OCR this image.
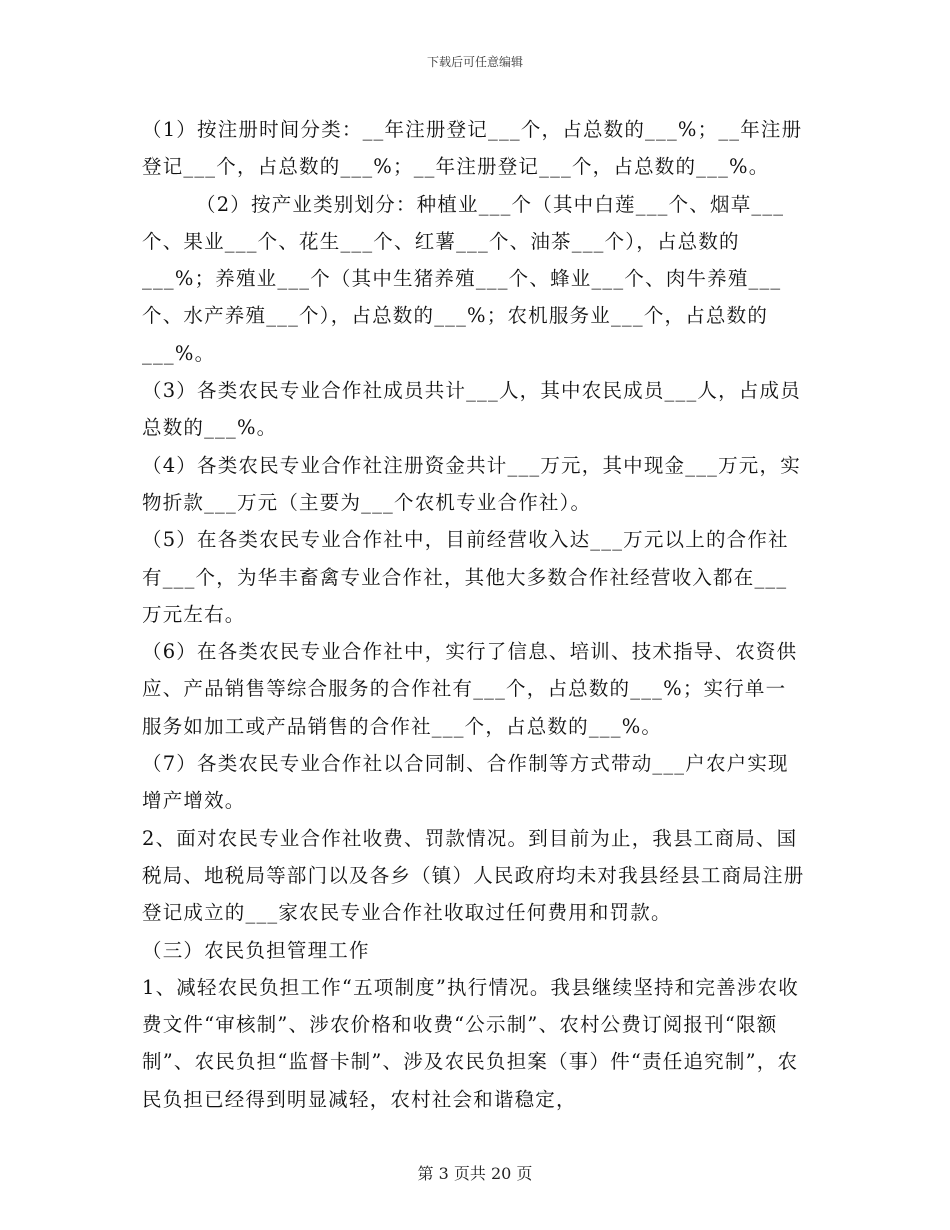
下载后可任意编辑

（1）按注册时间分类：__年注册登记___个，占总数的___%；__年注册登记___个，占总数的___%；__年注册登记___个，占总数的___%。

（2）按产业类别划分：种植业___个（其中白莲___个、烟草___个、果业___个、花生___个、红薯___个、油茶___个），占总数的___%；养殖业___个（其中生猪养殖___个、蜂业___个、肉牛养殖___个、水产养殖___个），占总数的___%；农机服务业___个，占总数的___%。

（3）各类农民专业合作社成员共计___人，其中农民成员___人，占成员总数的___%。

（4）各类农民专业合作社注册资金共计___万元，其中现金___万元，实物折款___万元（主要为___个农机专业合作社）。

（5）在各类农民专业合作社中，目前经营收入达___万元以上的合作社有___个，为华丰畜禽专业合作社，其他大多数合作社经营收入都在___万元左右。

（6）在各类农民专业合作社中，实行了信息、培训、技术指导、农资供应、产品销售等综合服务的合作社有___个，占总数的___%；实行单一服务如加工或产品销售的合作社___个，占总数的___%。

（7）各类农民专业合作社以合同制、合作制等方式带动___户农户实现增产增效。

2、面对农民专业合作社收费、罚款情况。到目前为止，我县工商局、国税局、地税局等部门以及各乡（镇）人民政府均未对我县经县工商局注册登记成立的___家农民专业合作社收取过任何费用和罚款。

（三）农民负担管理工作

1、减轻农民负担工作“五项制度”执行情况。我县继续坚持和完善涉农收费文件“审核制”、涉农价格和收费“公示制”、农村公费订阅报刊“限额制”、农民负担“监督卡制”、涉及农民负担案（事）件“责任追究制”，农民负担已经得到明显减轻，农村社会和谐稳定，

第 3 页共 20 页
